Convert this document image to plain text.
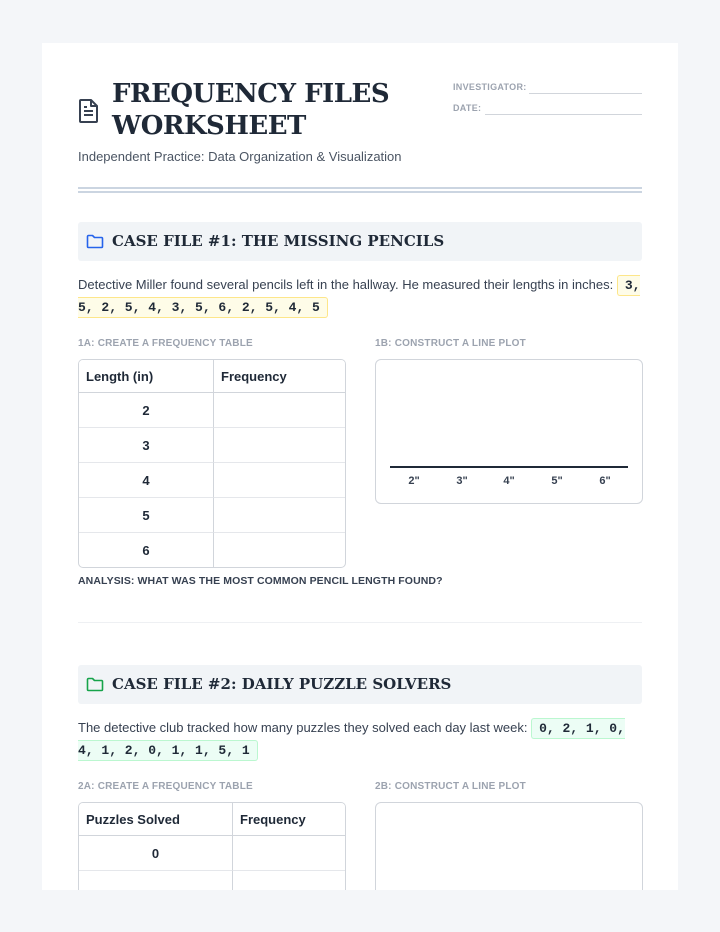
FREQUENCY FILES WORKSHEET
INVESTIGATOR:
DATE:
Independent Practice: Data Organization & Visualization
CASE FILE #1: THE MISSING PENCILS
Detective Miller found several pencils left in the hallway. He measured their lengths in inches: 3, 5, 2, 5, 4, 3, 5, 6, 2, 5, 4, 5
1A: CREATE A FREQUENCY TABLE	1B: CONSTRUCT A LINE PLOT
Length (in)	Frequency
2	
3	
4	
5	
6	
2"	3"	4"	5"	6"
ANALYSIS: WHAT WAS THE MOST COMMON PENCIL LENGTH FOUND?
CASE FILE #2: DAILY PUZZLE SOLVERS
The detective club tracked how many puzzles they solved each day last week: 0, 2, 1, 0, 4, 1, 2, 0, 1, 1, 5, 1
2A: CREATE A FREQUENCY TABLE	2B: CONSTRUCT A LINE PLOT
Puzzles Solved	Frequency
0	
